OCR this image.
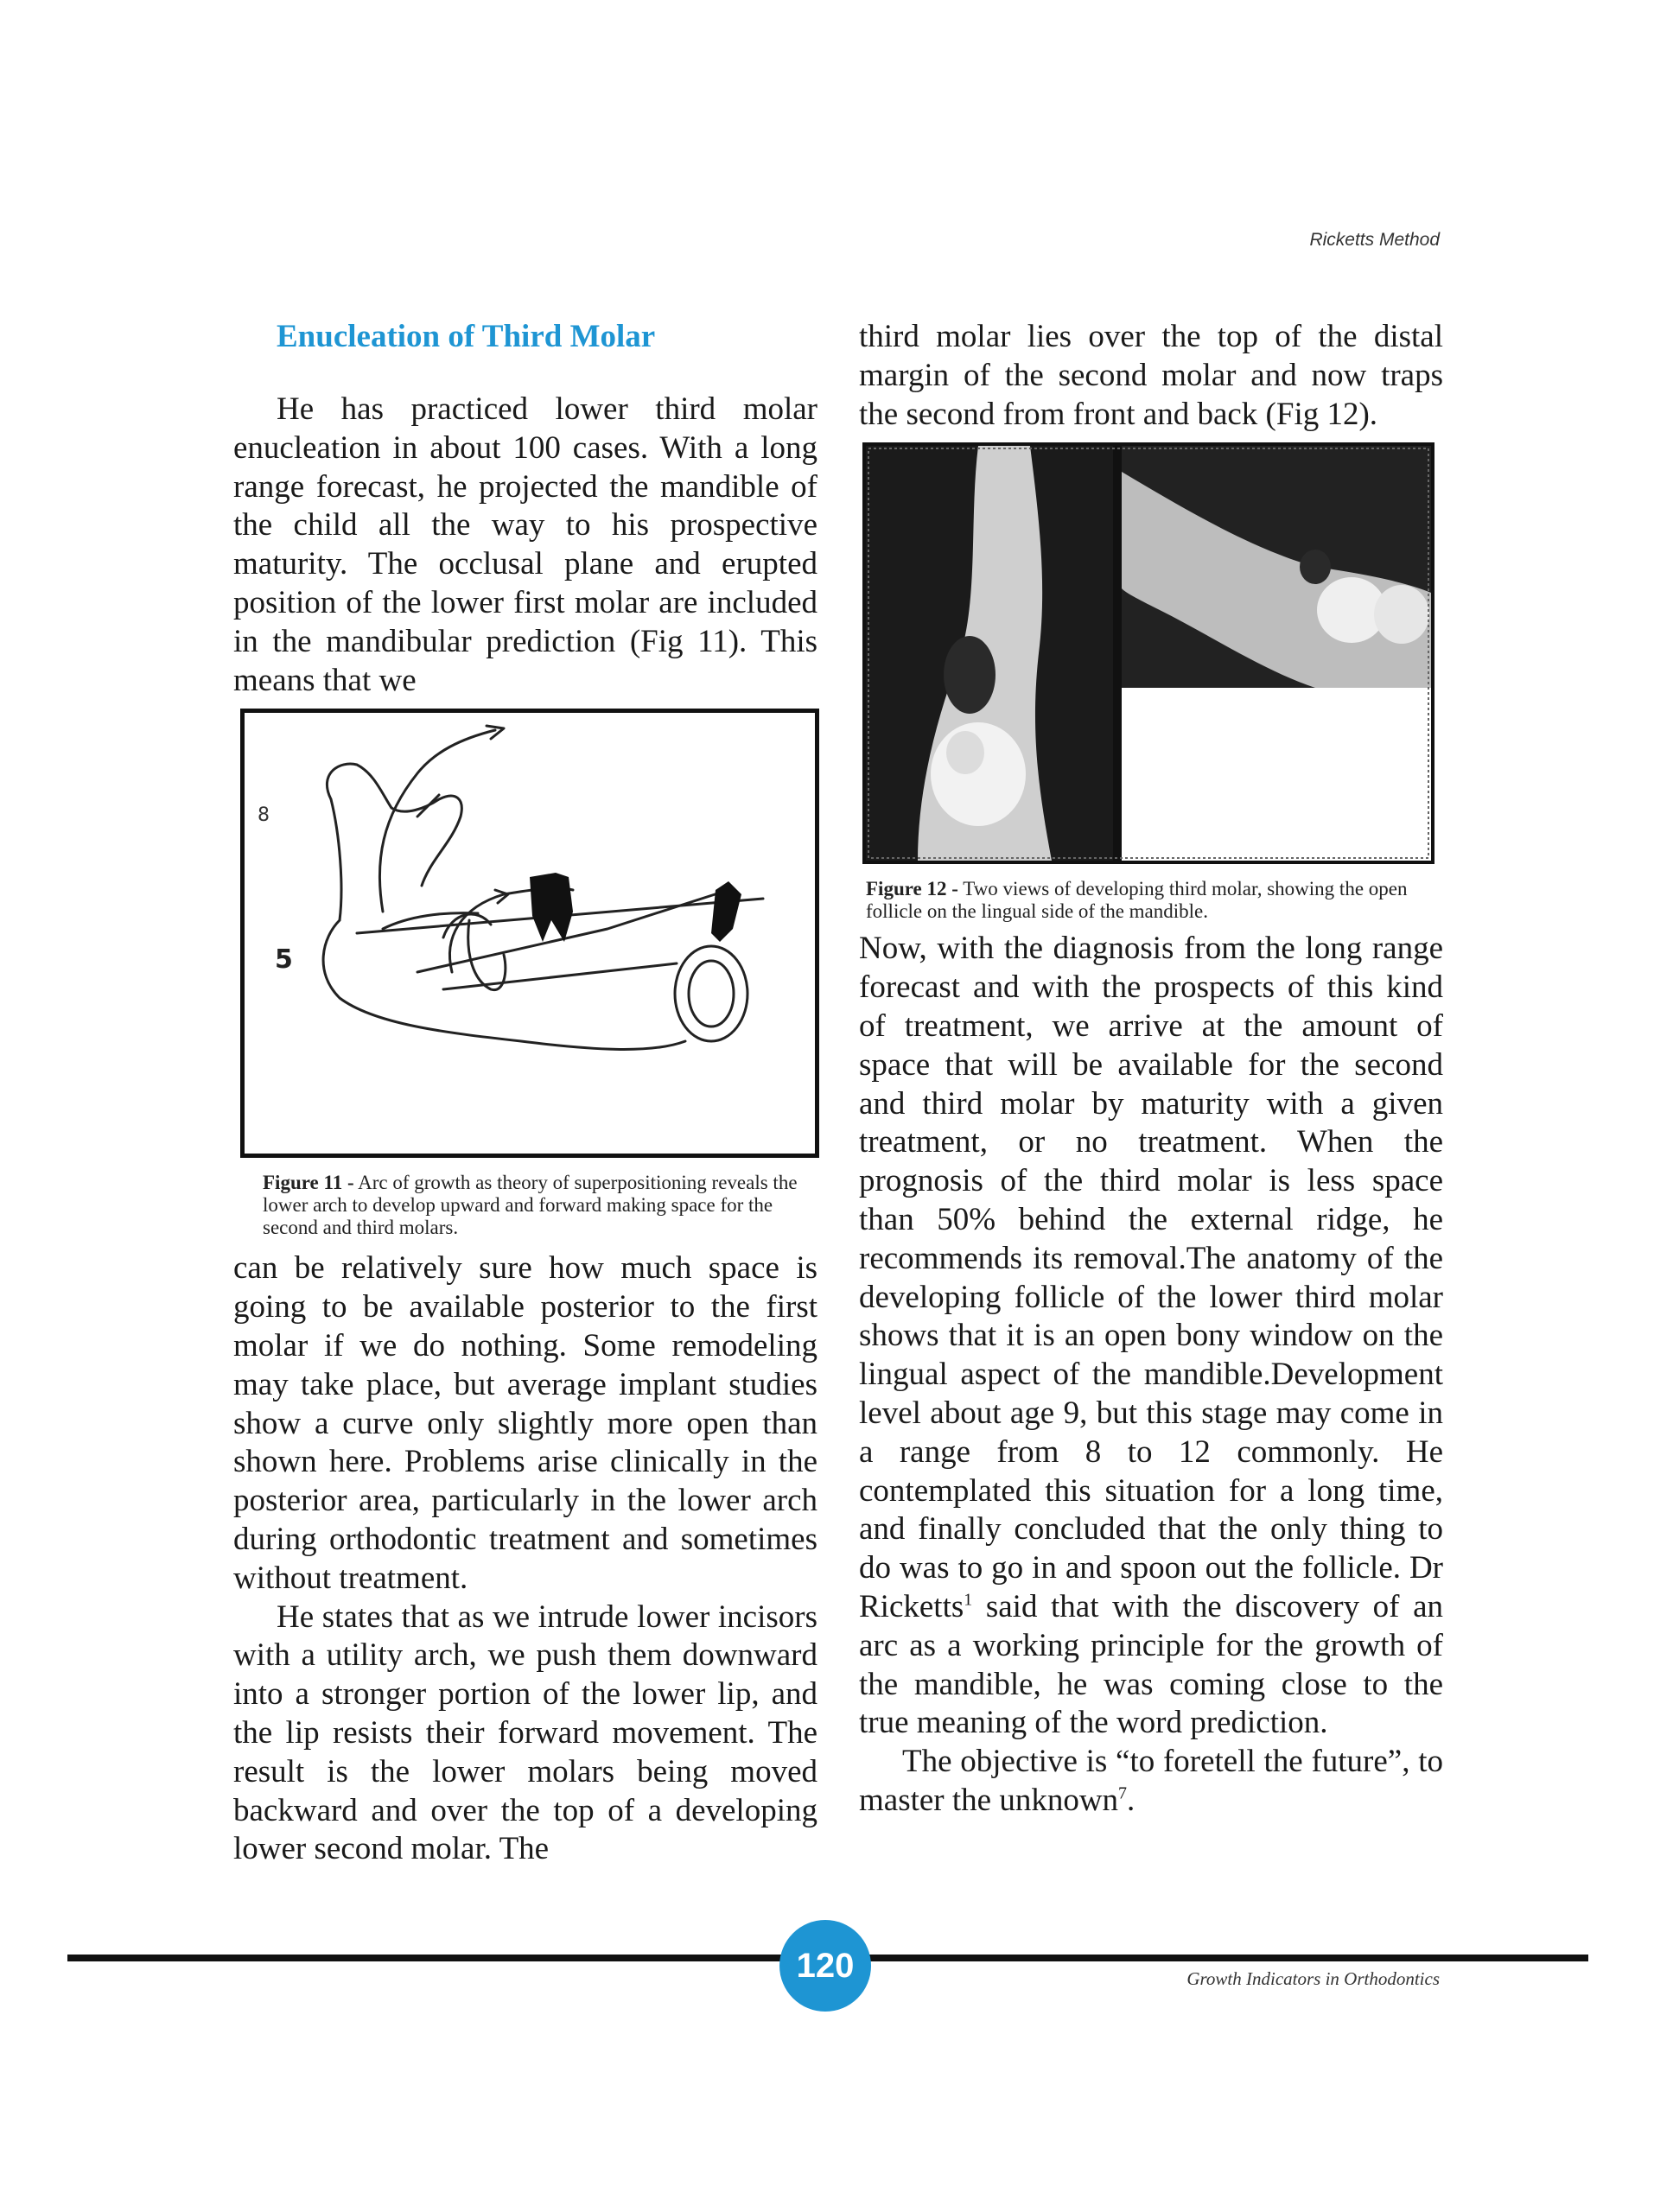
Ricketts Method
Enucleation of Third Molar

He has practiced lower third molar enucleation in about 100 cases. With a long range forecast, he projected the mandible of the child all the way to his prospective maturity. The occlusal plane and erupted position of the lower first molar are included in the mandibular prediction (Fig 11). This means that we

8
5
Figure 11 - Arc of growth as theory of superpositioning reveals the lower arch to develop upward and forward making space for the second and third molars.

can be relatively sure how much space is going to be available posterior to the first molar if we do nothing. Some remodeling may take place, but average implant studies show a curve only slightly more open than shown here. Problems arise clinically in the posterior area, particularly in the lower arch during orthodontic treatment and sometimes without treatment.

He states that as we intrude lower incisors with a utility arch, we push them downward into a stronger portion of the lower lip, and the lip resists their forward movement. The result is the lower molars being moved backward and over the top of a developing lower second molar. The

third molar lies over the top of the distal margin of the second molar and now traps the second from front and back (Fig 12).

Figure 12 - Two views of developing third molar, showing the open follicle on the lingual side of the mandible.

Now, with the diagnosis from the long range forecast and with the prospects of this kind of treatment, we arrive at the amount of space that will be available for the second and third molar by maturity with a given treatment, or no treatment. When the prognosis of the third molar is less space than 50% behind the external ridge, he recommends its removal.The anatomy of the developing follicle of the lower third molar shows that it is an open bony window on the lingual aspect of the mandible.Development level about age 9, but this stage may come in a range from 8 to 12 commonly. He contemplated this situation for a long time, and finally concluded that the only thing to do was to go in and spoon out the follicle. Dr Ricketts$^1$ said that with the discovery of an arc as a working principle for the growth of the mandible, he was coming close to the true meaning of the word prediction.

The objective is “to foretell the future”, to master the unknown$^7$.

120	Growth Indicators in Orthodontics
